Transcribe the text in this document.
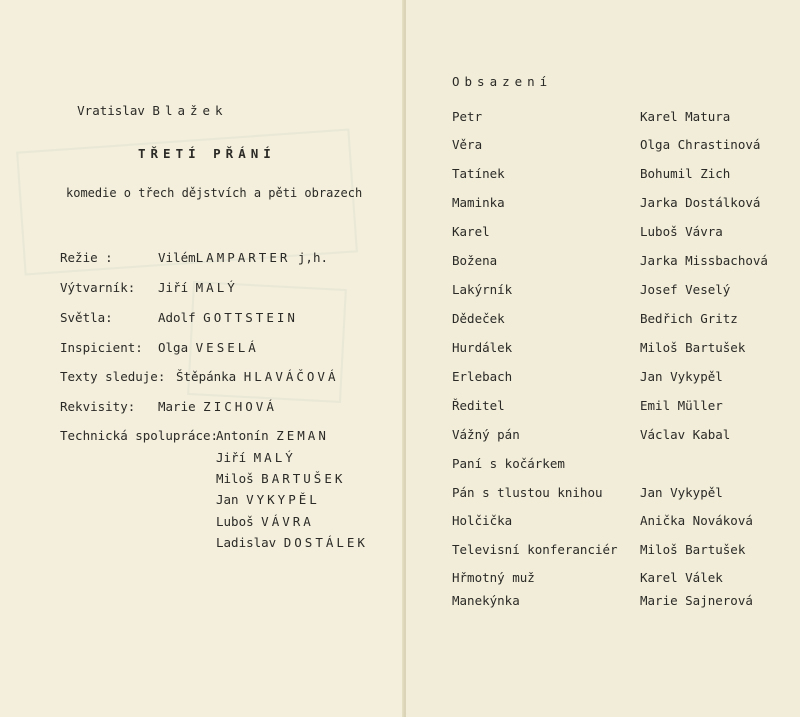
Vratislav Blažek

TŘETÍ PŘÁNÍ
komedie o třech dějstvích a pěti obrazech
Režie :	VilémLAMPARTER j,h.
Výtvarník: Jiří MALÝ
Světla:	Adolf GOTTSTEIN
Inspicient: Olga VESELÁ
Texty sleduje: Štěpánka HLAVÁČOVÁ
Rekvisity: Marie ZICHOVÁ
Technická spolupráce:
Antonín ZEMAN
Jiří MALÝ
Miloš BARTUŠEK
Jan VYKYPĚL
Luboš VÁVRA
Ladislav DOSTÁLEK
Obsazení
Petr	Karel Matura
Věra	Olga Chrastinová
Tatínek	Bohumil Zich
Maminka	Jarka Dostálková
Karel	Luboš Vávra
Božena	Jarka Missbachová
Lakýrník	Josef Veselý
Dědeček	Bedřich Gritz
Hurdálek	Miloš Bartušek
Erlebach	Jan Vykypěl
Ředitel	Emil Müller
Vážný pán	Václav Kabal
Paní s kočárkem
Pán s tlustou knihou	Jan Vykypěl
Holčička	Anička Nováková
Televisní konferanciér Miloš Bartušek
Hřmotný muž	Karel Válek
Manekýnka	Marie Sajnerová
